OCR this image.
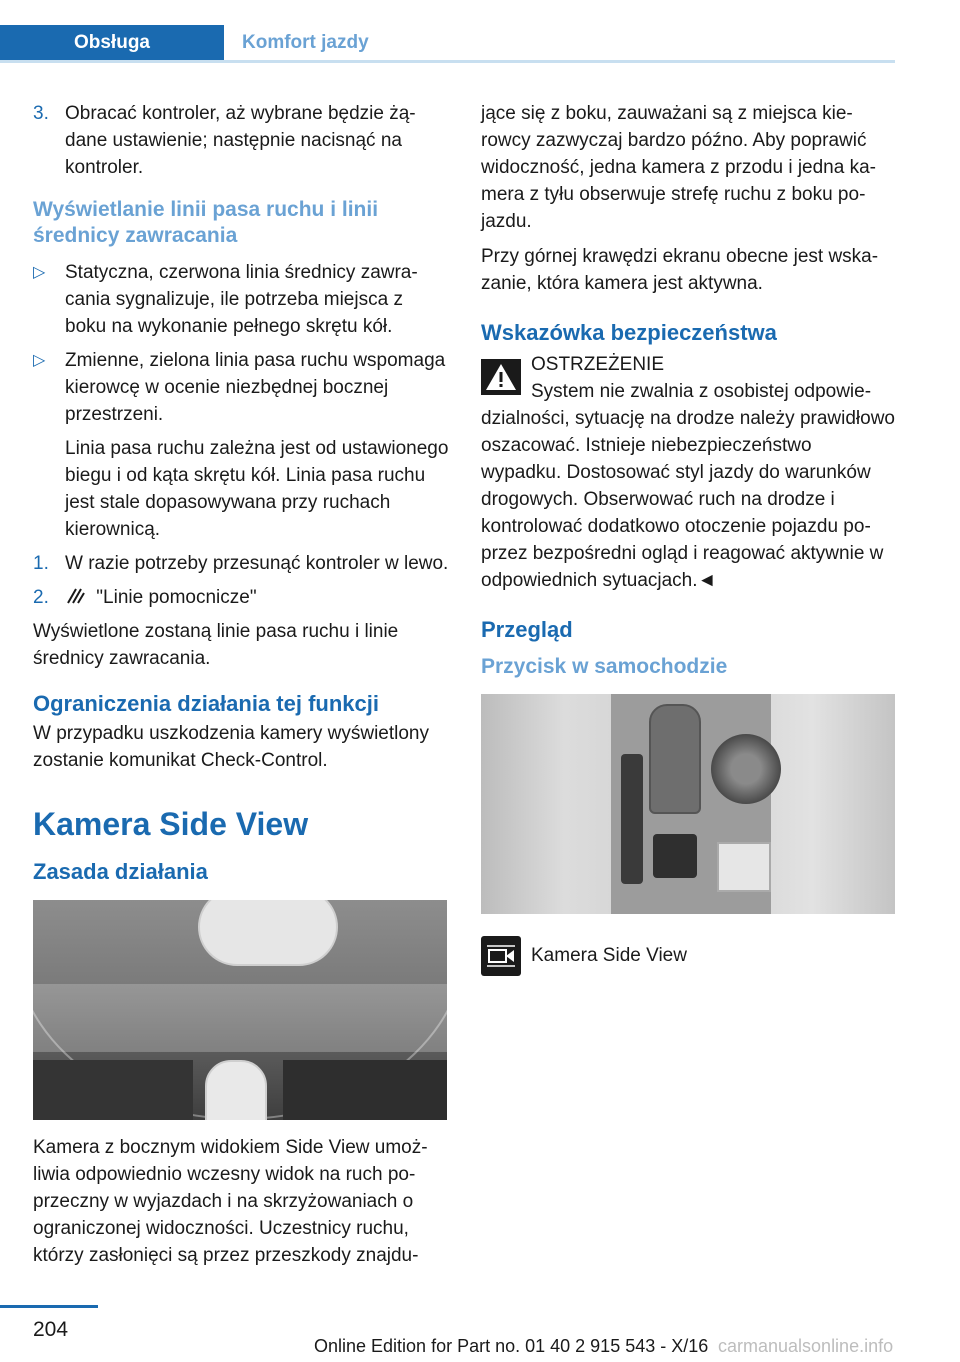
Obsługa	Komfort jazdy
3. Obracać kontroler, aż wybrane będzie żądane ustawienie; następnie nacisnąć na kontroler.
Wyświetlanie linii pasa ruchu i linii średnicy zawracania
▷ Statyczna, czerwona linia średnicy zawracania sygnalizuje, ile potrzeba miejsca z boku na wykonanie pełnego skrętu kół.
▷ Zmienne, zielona linia pasa ruchu wspomaga kierowcę w ocenie niezbędnej bocznej przestrzeni.
Linia pasa ruchu zależna jest od ustawionego biegu i od kąta skrętu kół. Linia pasa ruchu jest stale dopasowywana przy ruchach kierownicą.
1. W razie potrzeby przesunąć kontroler w lewo.
2. "Linie pomocnicze"

Wyświetlone zostaną linie pasa ruchu i linie średnicy zawracania.

Ograniczenia działania tej funkcji

W przypadku uszkodzenia kamery wyświetlony zostanie komunikat Check-Control.

Kamera Side View
Zasada działania

Kamera z bocznym widokiem Side View umożliwia odpowiednio wczesny widok na ruch poprzeczny w wyjazdach i na skrzyżowaniach o ograniczonej widoczności. Uczestnicy ruchu, którzy zasłonięci są przez przeszkody znajdu-

jące się z boku, zauważani są z miejsca kierowcy zazwyczaj bardzo późno. Aby poprawić widoczność, jedna kamera z przodu i jedna kamera z tyłu obserwuje strefę ruchu z boku pojazdu.

Przy górnej krawędzi ekranu obecne jest wskazanie, która kamera jest aktywna.

Wskazówka bezpieczeństwa
OSTRZEŻENIE

System nie zwalnia z osobistej odpowiedzialności, sytuację na drodze należy prawidłowo oszacować. Istnieje niebezpieczeństwo wypadku. Dostosować styl jazdy do warunków drogowych. Obserwować ruch na drodze i kontrolować dodatkowo otoczenie pojazdu poprzez bezpośredni ogląd i reagować aktywnie w odpowiednich sytuacjach.◄

Przegląd
Przycisk w samochodzie
Kamera Side View
204
Online Edition for Part no. 01 40 2 915 543 - X/16 carmanualsonline.info
